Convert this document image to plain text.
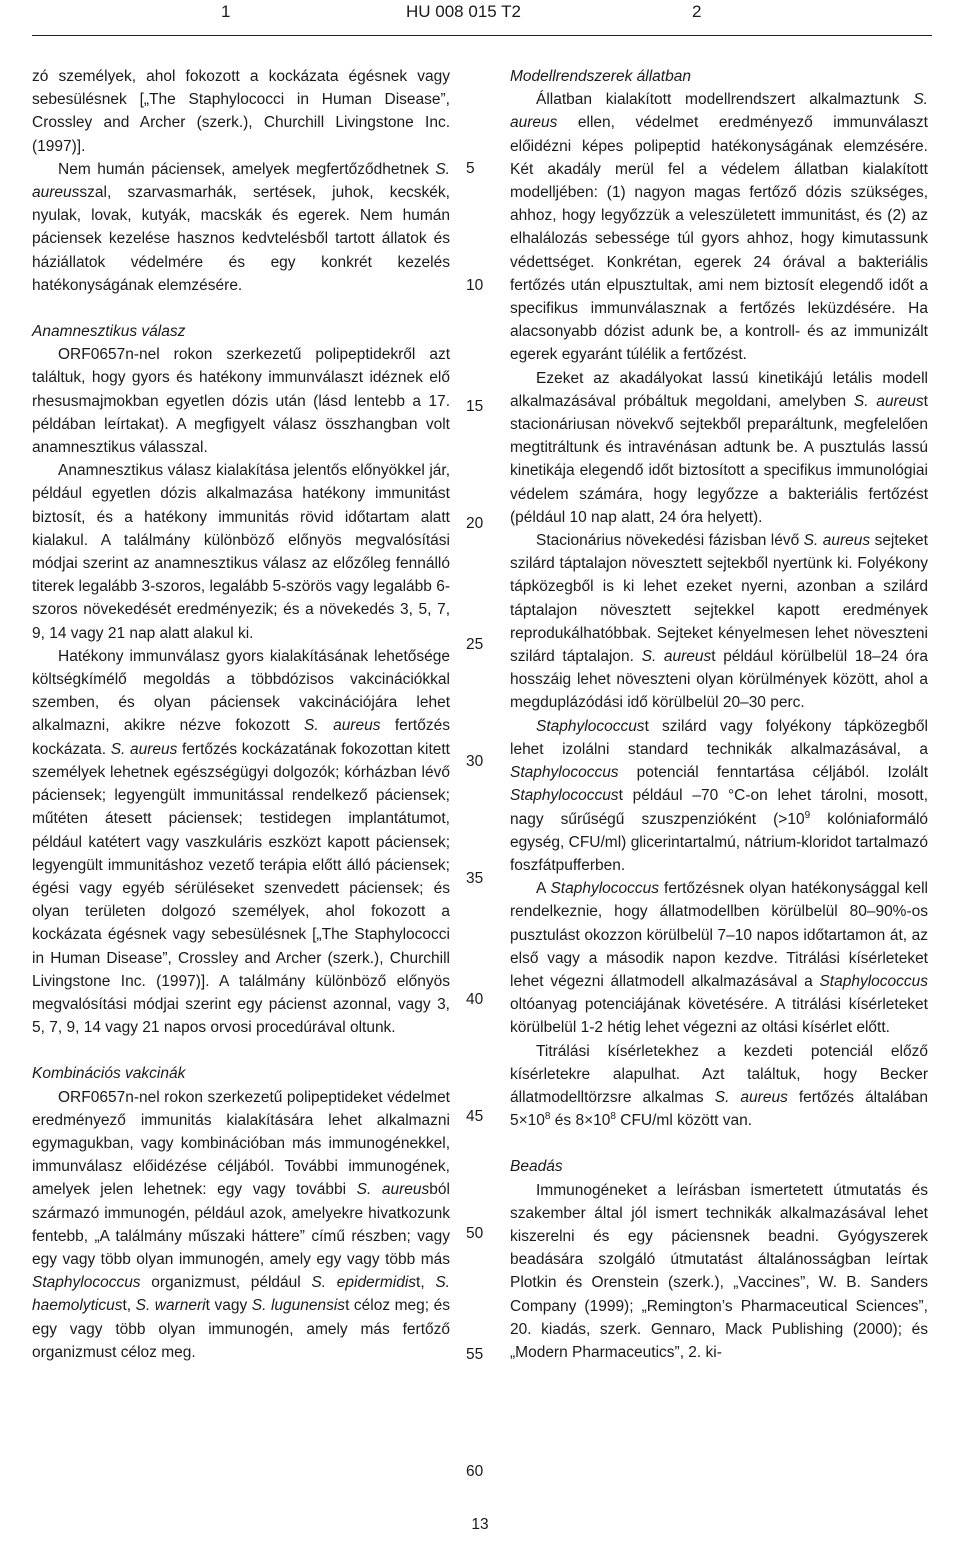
1	HU 008 015 T2	2

zó személyek, ahol fokozott a kockázata égésnek vagy sebesülésnek [„The Staphylococci in Human Disease”, Crossley and Archer (szerk.), Churchill Livingstone Inc. (1997)].

Nem humán páciensek, amelyek megfertőződhetnek S. aureusszal, szarvasmarhák, sertések, juhok, kecskék, nyulak, lovak, kutyák, macskák és egerek. Nem humán páciensek kezelése hasznos kedvtelésből tartott állatok és háziállatok védelmére és egy konkrét kezelés hatékonyságának elemzésére.

Anamnesztikus válasz

ORF0657n-nel rokon szerkezetű polipeptidekről azt találtuk, hogy gyors és hatékony immunválaszt idéznek elő rhesusmajmokban egyetlen dózis után (lásd lentebb a 17. példában leírtakat). A megfigyelt válasz összhangban volt anamnesztikus válasszal.

Anamnesztikus válasz kialakítása jelentős előnyökkel jár, például egyetlen dózis alkalmazása hatékony immunitást biztosít, és a hatékony immunitás rövid időtartam alatt kialakul. A találmány különböző előnyös megvalósítási módjai szerint az anamnesztikus válasz az előzőleg fennálló titerek legalább 3-szoros, legalább 5-szörös vagy legalább 6-szoros növekedését eredményezik; és a növekedés 3, 5, 7, 9, 14 vagy 21 nap alatt alakul ki.

Hatékony immunválasz gyors kialakításának lehetősége költségkímélő megoldás a többdózisos vakcinációkkal szemben, és olyan páciensek vakcinációjára lehet alkalmazni, akikre nézve fokozott S. aureus fertőzés kockázata. S. aureus fertőzés kockázatának fokozottan kitett személyek lehetnek egészségügyi dolgozók; kórházban lévő páciensek; legyengült immunitással rendelkező páciensek; műtéten átesett páciensek; testidegen implantátumot, például katétert vagy vaszkuláris eszközt kapott páciensek; legyengült immunitáshoz vezető terápia előtt álló páciensek; égési vagy egyéb sérüléseket szenvedett páciensek; és olyan területen dolgozó személyek, ahol fokozott a kockázata égésnek vagy sebesülésnek [„The Staphylococci in Human Disease”, Crossley and Archer (szerk.), Churchill Livingstone Inc. (1997)]. A találmány különböző előnyös megvalósítási módjai szerint egy pácienst azonnal, vagy 3, 5, 7, 9, 14 vagy 21 napos orvosi procedúrával oltunk.

Kombinációs vakcinák

ORF0657n-nel rokon szerkezetű polipeptideket védelmet eredményező immunitás kialakítására lehet alkalmazni egymagukban, vagy kombinációban más immunogénekkel, immunválasz előidézése céljából. További immunogének, amelyek jelen lehetnek: egy vagy további S. aureusból származó immunogén, például azok, amelyekre hivatkozunk fentebb, „A találmány műszaki háttere” című részben; vagy egy vagy több olyan immunogén, amely egy vagy több más Staphylococcus organizmust, például S. epidermidist, S. haemolyticust, S. warnerit vagy S. lugunensist céloz meg; és egy vagy több olyan immunogén, amely más fertőző organizmust céloz meg.

5
10
15
20
25
30
35
40
45
50
55
60
Modellrendszerek állatban

Állatban kialakított modellrendszert alkalmaztunk S. aureus ellen, védelmet eredményező immunválaszt előidézni képes polipeptid hatékonyságának elemzésére. Két akadály merül fel a védelem állatban kialakított modelljében: (1) nagyon magas fertőző dózis szükséges, ahhoz, hogy legyőzzük a veleszületett immunitást, és (2) az elhalálozás sebessége túl gyors ahhoz, hogy kimutassunk védettséget. Konkrétan, egerek 24 órával a bakteriális fertőzés után elpusztultak, ami nem biztosít elegendő időt a specifikus immunválasznak a fertőzés leküzdésére. Ha alacsonyabb dózist adunk be, a kontroll- és az immunizált egerek egyaránt túlélik a fertőzést.

Ezeket az akadályokat lassú kinetikájú letális modell alkalmazásával próbáltuk megoldani, amelyben S. aureust stacionáriusan növekvő sejtekből preparáltunk, megfelelően megtitráltunk és intravénásan adtunk be. A pusztulás lassú kinetikája elegendő időt biztosított a specifikus immunológiai védelem számára, hogy legyőzze a bakteriális fertőzést (például 10 nap alatt, 24 óra helyett).

Stacionárius növekedési fázisban lévő S. aureus sejteket szilárd táptalajon növesztett sejtekből nyertünk ki. Folyékony tápközegből is ki lehet ezeket nyerni, azonban a szilárd táptalajon növesztett sejtekkel kapott eredmények reprodukálhatóbbak. Sejteket kényelmesen lehet növeszteni szilárd táptalajon. S. aureust például körülbelül 18–24 óra hosszáig lehet növeszteni olyan körülmények között, ahol a megduplázódási idő körülbelül 20–30 perc.

Staphylococcust szilárd vagy folyékony tápközegből lehet izolálni standard technikák alkalmazásával, a Staphylococcus potenciál fenntartása céljából. Izolált Staphylococcust például –70 °C-on lehet tárolni, mosott, nagy sűrűségű szuszpenzióként ($>10^9$ kolóniaformáló egység, CFU/ml) glicerintartalmú, nátrium-kloridot tartalmazó foszfátpufferben.

A Staphylococcus fertőzésnek olyan hatékonysággal kell rendelkeznie, hogy állatmodellben körülbelül 80–90%-os pusztulást okozzon körülbelül 7–10 napos időtartamon át, az első vagy a második napon kezdve. Titrálási kísérleteket lehet végezni állatmodell alkalmazásával a Staphylococcus oltóanyag potenciájának követésére. A titrálási kísérleteket körülbelül 1-2 hétig lehet végezni az oltási kísérlet előtt.

Titrálási kísérletekhez a kezdeti potenciál előző kísérletekre alapulhat. Azt találtuk, hogy Becker állatmodelltörzsre alkalmas S. aureus fertőzés általában $5\times 10^8$ és $8\times 10^8$ CFU/ml között van.

Beadás

Immunogéneket a leírásban ismertetett útmutatás és szakember által jól ismert technikák alkalmazásával lehet kiszerelni és egy páciensnek beadni. Gyógyszerek beadására szolgáló útmutatást általánosságban leírtak Plotkin és Orenstein (szerk.), „Vaccines”, W. B. Sanders Company (1999); „Remington’s Pharmaceutical Sciences”, 20. kiadás, szerk. Gennaro, Mack Publishing (2000); és „Modern Pharmaceutics”, 2. ki-

13
